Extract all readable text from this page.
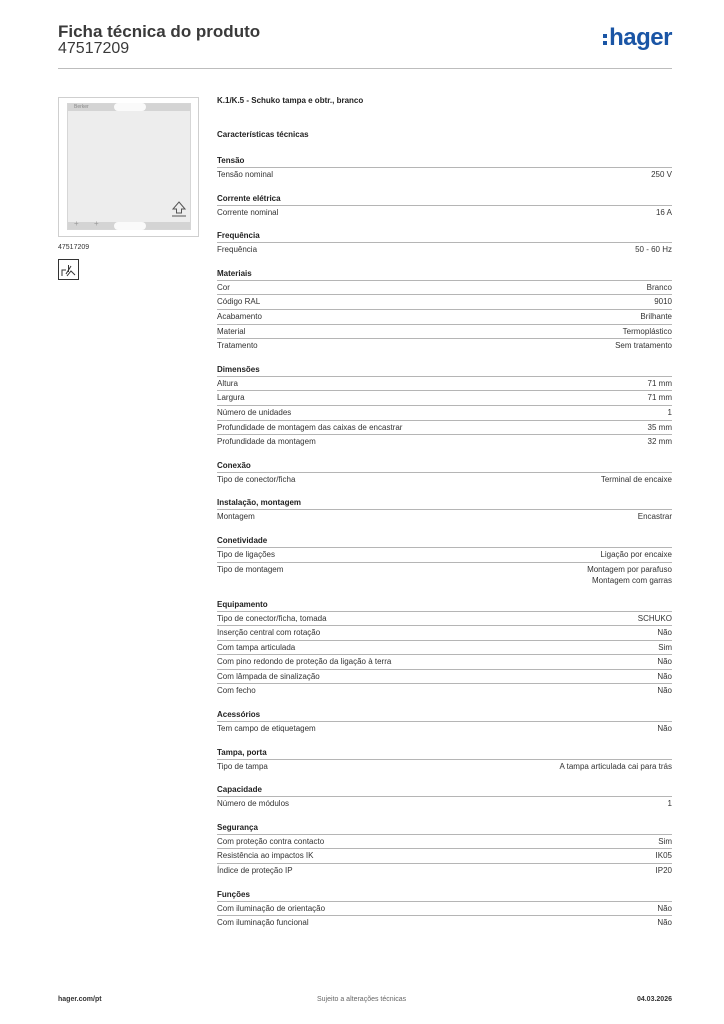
Ficha técnica do produto
47517209	hager
Berker
+	+
47517209
K.1/K.5 - Schuko tampa e obtr., branco
Características técnicas
Tensão
Tensão nominal	250 V
Corrente elétrica
Corrente nominal	16 A
Frequência
Frequência	50 - 60 Hz
Materiais
Cor	Branco
Código RAL	9010
Acabamento	Brilhante
Material	Termoplástico
Tratamento	Sem tratamento
Dimensões
Altura	71 mm
Largura	71 mm
Número de unidades	1
Profundidade de montagem das caixas de encastrar	35 mm
Profundidade da montagem	32 mm
Conexão
Tipo de conector/ficha	Terminal de encaixe
Instalação, montagem
Montagem	Encastrar
Conetividade
Tipo de ligações	Ligação por encaixe
Tipo de montagem	Montagem por parafuso
Montagem com garras
Equipamento
Tipo de conector/ficha, tomada	SCHUKO
Inserção central com rotação	Não
Com tampa articulada	Sim
Com pino redondo de proteção da ligação à terra	Não
Com lâmpada de sinalização	Não
Com fecho	Não
Acessórios
Tem campo de etiquetagem	Não
Tampa, porta
Tipo de tampa	A tampa articulada cai para trás
Capacidade
Número de módulos	1
Segurança
Com proteção contra contacto	Sim
Resistência ao impactos IK	IK05
Índice de proteção IP	IP20
Funções
Com iluminação de orientação	Não
Com iluminação funcional	Não
hager.com/pt	Sujeito a alterações técnicas	04.03.2026
